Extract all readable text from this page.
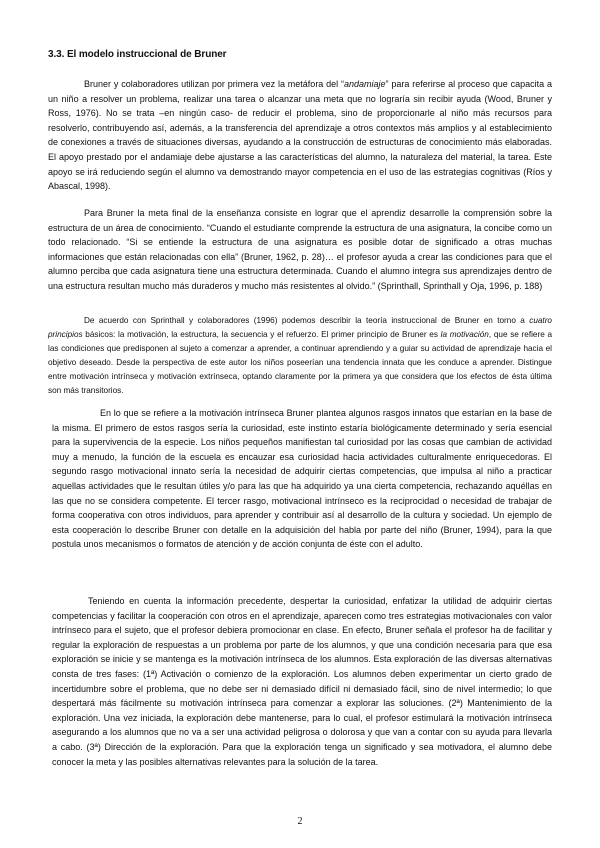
3.3. El modelo instruccional de Bruner
Bruner y colaboradores utilizan por primera vez la metáfora del “andamiaje” para referirse al proceso que capacita a un niño a resolver un problema, realizar una tarea o alcanzar una meta que no lograría sin recibir ayuda (Wood, Bruner y Ross, 1976). No se trata –en ningún caso- de reducir el problema, sino de proporcionarle al niño más recursos para resolverlo, contribuyendo así, además, a la transferencia del aprendizaje a otros contextos más amplios y al establecimiento de conexiones a través de situaciones diversas, ayudando a la construcción de estructuras de conocimiento más elaboradas. El apoyo prestado por el andamiaje debe ajustarse a las características del alumno, la naturaleza del material, la tarea. Este apoyo se irá reduciendo según el alumno va demostrando mayor competencia en el uso de las estrategias cognitivas (Ríos y Abascal, 1998).
Para Bruner la meta final de la enseñanza consiste en lograr que el aprendiz desarrolle la comprensión sobre la estructura de un área de conocimiento. “Cuando el estudiante comprende la estructura de una asignatura, la concibe como un todo relacionado. “Si se entiende la estructura de una asignatura es posible dotar de significado a otras muchas informaciones que están relacionadas con ella” (Bruner, 1962, p. 28)… el profesor ayuda a crear las condiciones para que el alumno perciba que cada asignatura tiene una estructura determinada. Cuando el alumno integra sus aprendizajes dentro de una estructura resultan mucho más duraderos y mucho más resistentes al olvido.” (Sprinthall, Sprinthall y Oja, 1996, p. 188)
De acuerdo con Sprinthall y colaboradores (1996) podemos describir la teoría instruccional de Bruner en torno a cuatro principios básicos: la motivación, la estructura, la secuencia y el refuerzo. El primer principio de Bruner es la motivación, que se refiere a las condiciones que predisponen al sujeto a comenzar a aprender, a continuar aprendiendo y a guiar su actividad de aprendizaje hacia el objetivo deseado. Desde la perspectiva de este autor los niños poseerían una tendencia innata que les conduce a aprender. Distingue entre motivación intrínseca y motivación extrínseca, optando claramente por la primera ya que considera que los efectos de ésta última son más transitorios.
En lo que se refiere a la motivación intrínseca Bruner plantea algunos rasgos innatos que estarían en la base de la misma. El primero de estos rasgos sería la curiosidad, este instinto estaría biológicamente determinado y sería esencial para la supervivencia de la especie. Los niños pequeños manifiestan tal curiosidad por las cosas que cambian de actividad muy a menudo, la función de la escuela es encauzar esa curiosidad hacia actividades culturalmente enriquecedoras. El segundo rasgo motivacional innato sería la necesidad de adquirir ciertas competencias, que impulsa al niño a practicar aquellas actividades que le resultan útiles y/o para las que ha adquirido ya una cierta competencia, rechazando aquéllas en las que no se considera competente. El tercer rasgo, motivacional intrínseco es la reciprocidad o necesidad de trabajar de forma cooperativa con otros individuos, para aprender y contribuir así al desarrollo de la cultura y sociedad. Un ejemplo de esta cooperación lo describe Bruner con detalle en la adquisición del habla por parte del niño (Bruner, 1994), para la que postula unos mecanismos o formatos de atención y de acción conjunta de éste con el adulto.
Teniendo en cuenta la información precedente, despertar la curiosidad, enfatizar la utilidad de adquirir ciertas competencias y facilitar la cooperación con otros en el aprendizaje, aparecen como tres estrategias motivacionales con valor intrínseco para el sujeto, que el profesor debiera promocionar en clase. En efecto, Bruner señala el profesor ha de facilitar y regular la exploración de respuestas a un problema por parte de los alumnos, y que una condición necesaria para que esa exploración se inicie y se mantenga es la motivación intrínseca de los alumnos. Esta exploración de las diversas alternativas consta de tres fases: (1ª) Activación o comienzo de la exploración. Los alumnos deben experimentar un cierto grado de incertidumbre sobre el problema, que no debe ser ni demasiado difícil ni demasiado fácil, sino de nivel intermedio; lo que despertará más fácilmente su motivación intrínseca para comenzar a explorar las soluciones. (2ª) Mantenimiento de la exploración. Una vez iniciada, la exploración debe mantenerse, para lo cual, el profesor estimulará la motivación intrínseca asegurando a los alumnos que no va a ser una actividad peligrosa o dolorosa y que van a contar con su ayuda para llevarla a cabo. (3ª) Dirección de la exploración. Para que la exploración tenga un significado y sea motivadora, el alumno debe conocer la meta y las posibles alternativas relevantes para la solución de la tarea.
2
